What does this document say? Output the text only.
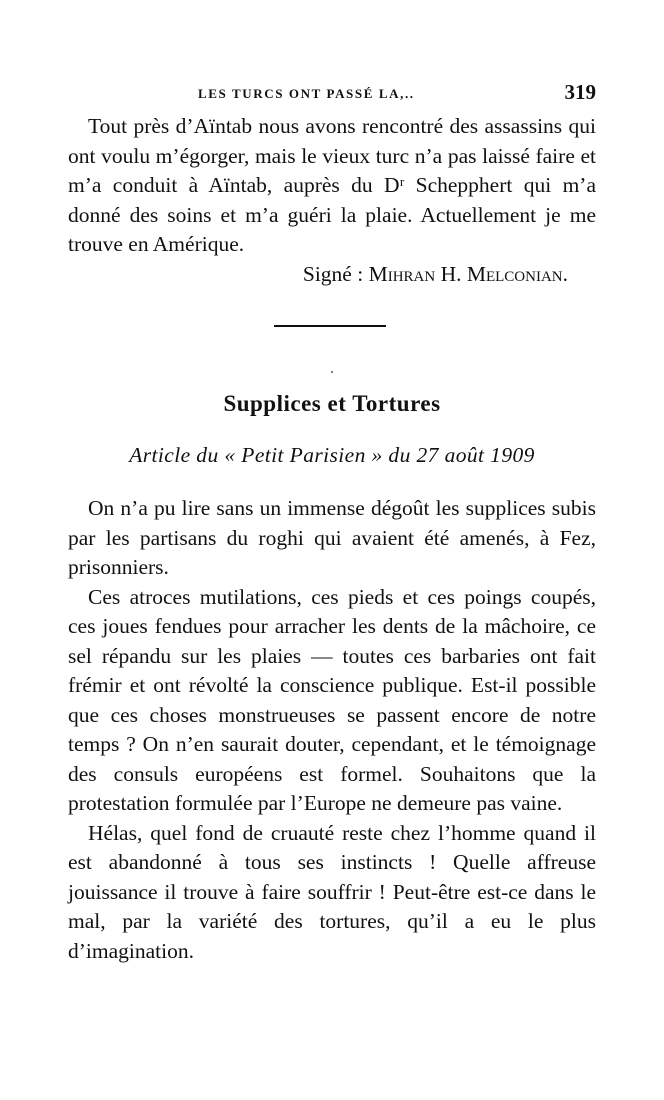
LES TURCS ONT PASSÉ LA,..	319

Tout près d’Aïntab nous avons rencontré des assassins qui ont voulu m’égorger, mais le vieux turc n’a pas laissé faire et m’a conduit à Aïntab, auprès du Dʳ Schepphert qui m’a donné des soins et m’a guéri la plaie. Actuellement je me trouve en Amérique.

Signé : Mihran H. Melconian.

Supplices et Tortures

Article du « Petit Parisien » du 27 août 1909

On n’a pu lire sans un immense dégoût les supplices subis par les partisans du roghi qui avaient été amenés, à Fez, prisonniers.

Ces atroces mutilations, ces pieds et ces poings coupés, ces joues fendues pour arracher les dents de la mâchoire, ce sel répandu sur les plaies — toutes ces barbaries ont fait frémir et ont révolté la conscience publique. Est-il possible que ces choses monstrueuses se passent encore de notre temps ? On n’en saurait douter, cependant, et le témoignage des consuls européens est formel. Souhaitons que la protestation formulée par l’Europe ne demeure pas vaine.

Hélas, quel fond de cruauté reste chez l’homme quand il est abandonné à tous ses instincts ! Quelle affreuse jouissance il trouve à faire souffrir ! Peut-être est-ce dans le mal, par la variété des tortures, qu’il a eu le plus d’imagination.
